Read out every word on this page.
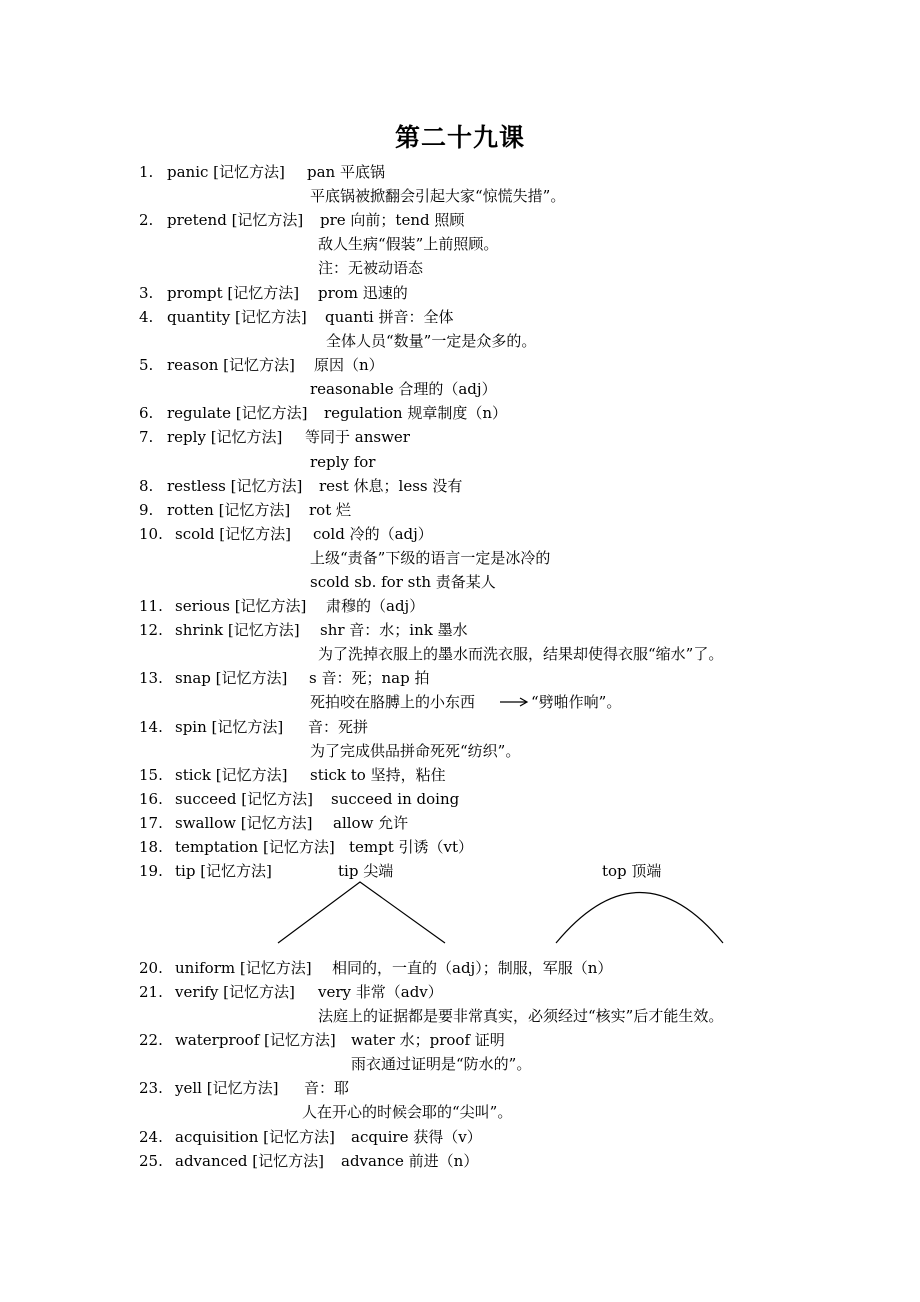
第二十九课
1. panic [记忆方法] pan 平底锅
平底锅被掀翻会引起大家“惊慌失措”。
2. pretend [记忆方法] pre 向前；tend 照顾
敌人生病“假装”上前照顾。
注：无被动语态
3. prompt [记忆方法] prom 迅速的
4. quantity [记忆方法] quanti 拼音：全体
全体人员“数量”一定是众多的。
5. reason [记忆方法] 原因（n）
reasonable 合理的（adj）
6. regulate [记忆方法] regulation 规章制度（n）
7. reply [记忆方法] 等同于 answer
reply for
8. restless [记忆方法] rest 休息；less 没有
9. rotten [记忆方法] rot 烂
10. scold [记忆方法] cold 冷的（adj）
上级“责备”下级的语言一定是冰冷的
scold sb. for sth 责备某人
11. serious [记忆方法] 肃穆的（adj）
12. shrink [记忆方法] shr 音：水；ink 墨水
为了洗掉衣服上的墨水而洗衣服，结果却使得衣服“缩水”了。
13. snap [记忆方法] s 音：死；nap 拍
死拍咬在胳膊上的小东西	“劈啪作响”。
14. spin [记忆方法] 音：死拼
为了完成供品拼命死死“纺织”。
15. stick [记忆方法] stick to 坚持，粘住
16. succeed [记忆方法] succeed in doing
17. swallow [记忆方法] allow 允许
18. temptation [记忆方法] tempt 引诱（vt）
19. tip [记忆方法]	tip 尖端	top 顶端
20. uniform [记忆方法] 相同的，一直的（adj）；制服，军服（n）
21. verify [记忆方法] very 非常（adv）
法庭上的证据都是要非常真实，必须经过“核实”后才能生效。
22. waterproof [记忆方法] water 水；proof 证明
雨衣通过证明是“防水的”。
23. yell [记忆方法] 音：耶
人在开心的时候会耶的“尖叫”。
24. acquisition [记忆方法] acquire 获得（v）
25. advanced [记忆方法] advance 前进（n）
